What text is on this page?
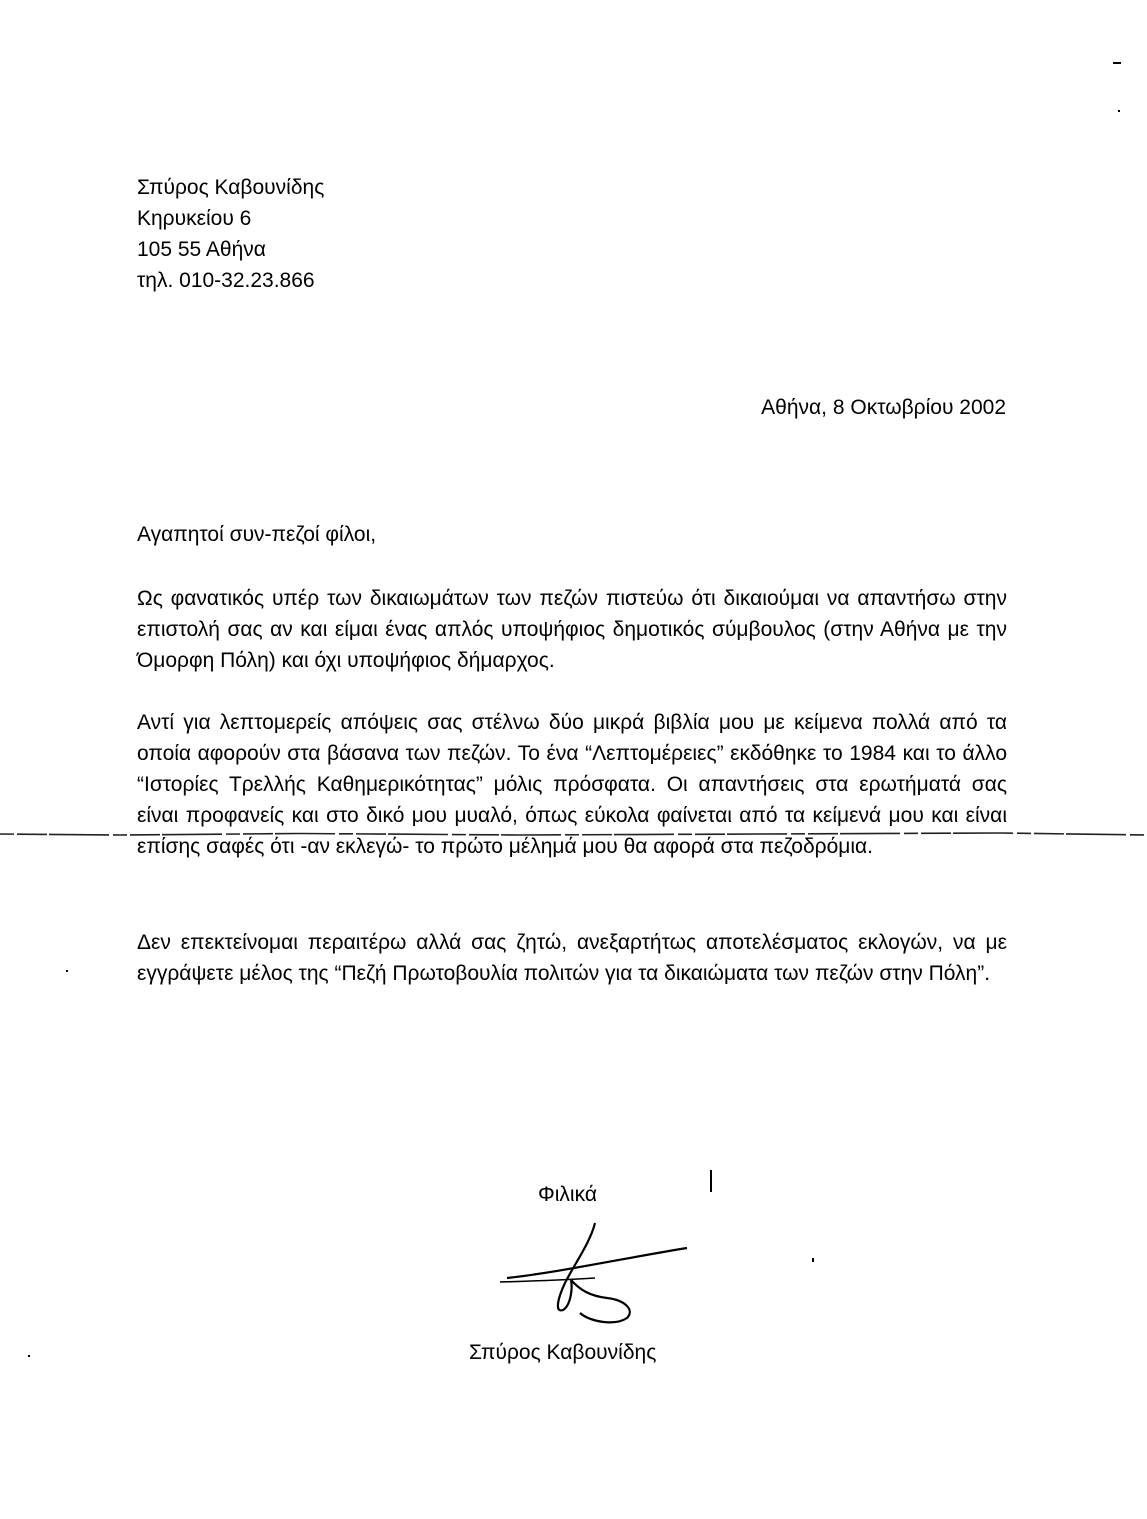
Σπύρος Καβουνίδης
Κηρυκείου 6
105 55 Αθήνα
τηλ. 010-32.23.866
Αθήνα, 8 Οκτωβρίου 2002
Αγαπητοί συν-πεζοί φίλοι,

Ως φανατικός υπέρ των δικαιωμάτων των πεζών πιστεύω ότι δικαιούμαι να απαντήσω στην επιστολή σας αν και είμαι ένας απλός υποψήφιος δημοτικός σύμβουλος (στην Αθήνα με την Όμορφη Πόλη) και όχι υποψήφιος δήμαρχος.

Αντί για λεπτομερείς απόψεις σας στέλνω δύο μικρά βιβλία μου με κείμενα πολλά από τα οποία αφορούν στα βάσανα των πεζών. Το ένα “Λεπτομέρειες” εκδόθηκε το 1984 και το άλλο “Ιστορίες Τρελλής Καθημερικότητας” μόλις πρόσφατα. Οι απαντήσεις στα ερωτήματά σας είναι προφανείς και στο δικό μου μυαλό, όπως εύκολα φαίνεται από τα κείμενά μου και είναι επίσης σαφές ότι -αν εκλεγώ- το πρώτο μέλημά μου θα αφορά στα πεζοδρόμια.

Δεν επεκτείνομαι περαιτέρω αλλά σας ζητώ, ανεξαρτήτως αποτελέσματος εκλογών, να με εγγράψετε μέλος της “Πεζή Πρωτοβουλία πολιτών για τα δικαιώματα των πεζών στην Πόλη”.

Φιλικά
Σπύρος Καβουνίδης
